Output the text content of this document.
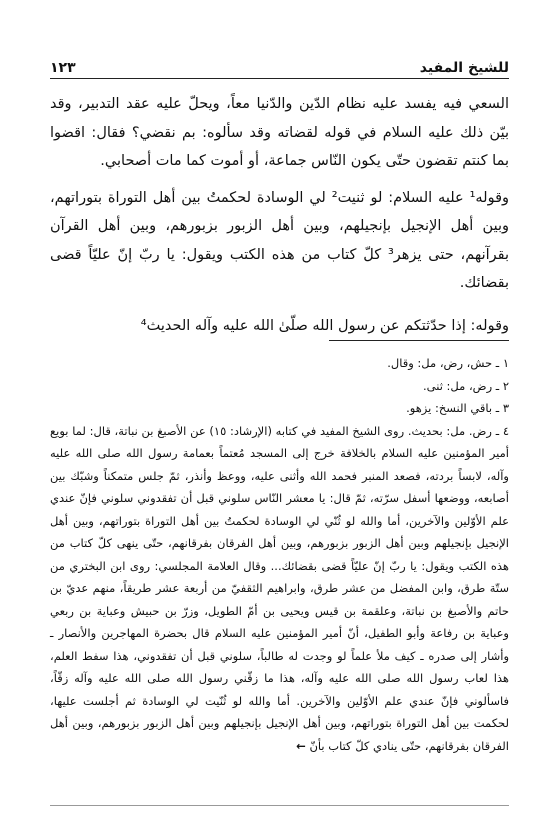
للشيخ المفيد
١٢٣

السعي فيه يفسد عليه نظام الدّين والدّنيا معاً، ويحلّ عليه عقد التدبير، وقد بيّن ذلك عليه السلام في قوله لقضاته وقد سألوه: بم نقضي؟ فقال: اقضوا بما كنتم تقضون حتّى يكون النّاس جماعة، أو أموت كما مات أصحابي.

وقوله¹ عليه السلام: لو ثنيت² لي الوسادة لحكمتُ بين أهل التوراة بتوراتهم، وبين أهل الإنجيل بإنجيلهم، وبين أهل الزبور بزبورهم، وبين أهل القرآن بقرآنهم، حتى يزهر³ كلّ كتاب من هذه الكتب ويقول: يا ربّ إنّ عليّاً قضى بقضائك.

وقوله: إذا حدّثتكم عن رسول الله صلّىٰ الله عليه وآله الحديث⁴

١ ـ حش، رض، مل: وقال.

٢ ـ رض، مل: ثنى.

٣ ـ باقي النسخ: يزهو.

٤ ـ رض. مل: بحديث. روى الشيخ المفيد في كتابه (الإرشاد: ١٥) عن الأصبغ بن نباتة، قال: لما بويع أمير المؤمنين عليه السلام بالخلافة خرج إلى المسجد مُعتماً بعمامة رسول الله صلى الله عليه وآله، لابساً بردته، فصعد المنبر فحمد الله وأثنى عليه، ووعظ وأنذر، ثمّ جلس متمكناً وشبّك بين أصابعه، ووضعها أسفل سرّته، ثمّ قال: يا معشر النّاس سلوني قبل أن تفقدوني سلوني فإنّ عندي علم الأوّلين والآخرين، أما والله لو ثُنّي لي الوسادة لحكمتُ بين أهل التوراة بتوراتهم، وبين أهل الإنجيل بإنجيلهم وبين أهل الزبور بزبورهم، وبين أهل الفرقان بفرقانهم، حتّى ينهى كلّ كتاب من هذه الكتب ويقول: يا ربّ إنّ عليّاً قضى بقضائك... وقال العلامة المجلسي: روى ابن البختري من ستّة طرق، وابن المفضل من عشر طرق، وابراهيم الثقفيّ من أربعة عشر طريقاً، منهم عديّ بن حاتم والأصبغ بن نباتة، وعلقمة بن قيس ويحيى بن أمّ الطويل، وزرّ بن حبيش وعباية بن ربعي وعباية بن رفاعة وأبو الطفيل، أنّ أمير المؤمنين عليه السلام قال بحضرة المهاجرين والأنصار ـ وأشار إلى صدره ـ كيف ملأ علماً لو وجدت له طالباً، سلوني قبل أن تفقدوني، هذا سفط العلم، هذا لعاب رسول الله صلى الله عليه وآله، هذا ما زقّني رسول الله صلى الله عليه وآله زقّاً، فاسألوني فإنّ عندي علم الأوّلين والآخرين. أما والله لو ثُنّيت لي الوسادة ثم أجلست عليها، لحكمت بين أهل التوراة بتوراتهم، وبين أهل الإنجيل بإنجيلهم وبين أهل الزبور بزبورهم، وبين أهل الفرقان بفرقانهم، حتّى ينادي كلّ كتاب بأنّ ←
